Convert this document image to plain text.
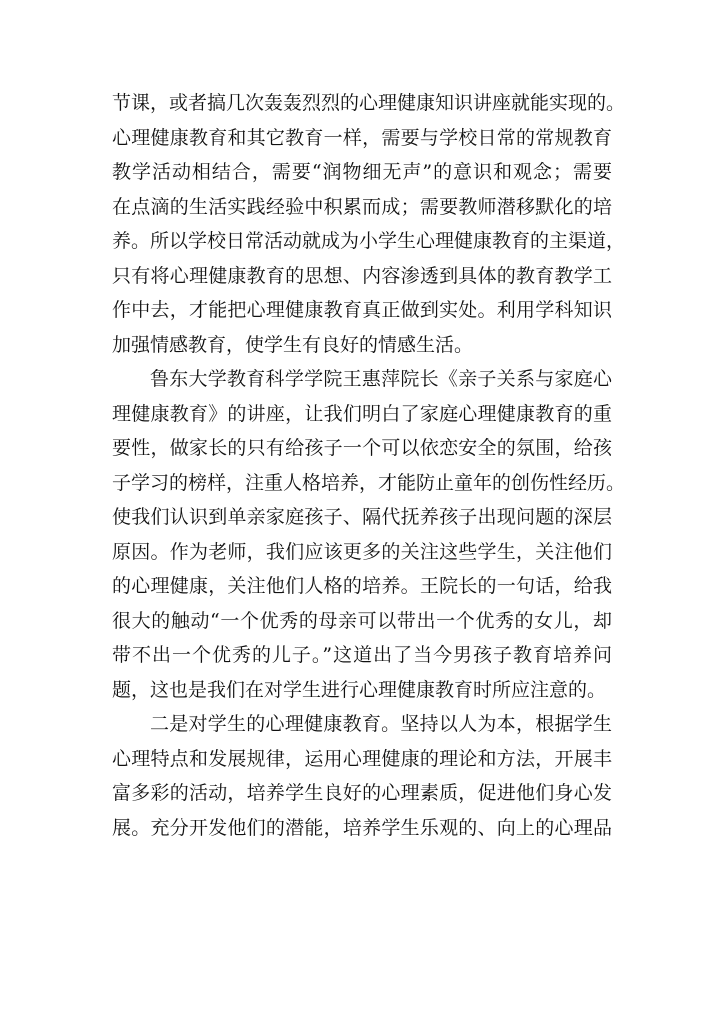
节课，或者搞几次轰轰烈烈的心理健康知识讲座就能实现的。
心理健康教育和其它教育一样，需要与学校日常的常规教育
教学活动相结合，需要“润物细无声”的意识和观念；需要
在点滴的生活实践经验中积累而成；需要教师潜移默化的培
养。所以学校日常活动就成为小学生心理健康教育的主渠道，
只有将心理健康教育的思想、内容渗透到具体的教育教学工
作中去，才能把心理健康教育真正做到实处。利用学科知识
加强情感教育，使学生有良好的情感生活。
鲁东大学教育科学学院王惠萍院长《亲子关系与家庭心
理健康教育》的讲座，让我们明白了家庭心理健康教育的重
要性，做家长的只有给孩子一个可以依恋安全的氛围，给孩
子学习的榜样，注重人格培养，才能防止童年的创伤性经历。
使我们认识到单亲家庭孩子、隔代抚养孩子出现问题的深层
原因。作为老师，我们应该更多的关注这些学生，关注他们
的心理健康，关注他们人格的培养。王院长的一句话，给我
很大的触动“一个优秀的母亲可以带出一个优秀的女儿，却
带不出一个优秀的儿子。”这道出了当今男孩子教育培养问
题，这也是我们在对学生进行心理健康教育时所应注意的。
二是对学生的心理健康教育。坚持以人为本，根据学生
心理特点和发展规律，运用心理健康的理论和方法，开展丰
富多彩的活动，培养学生良好的心理素质，促进他们身心发
展。充分开发他们的潜能，培养学生乐观的、向上的心理品
